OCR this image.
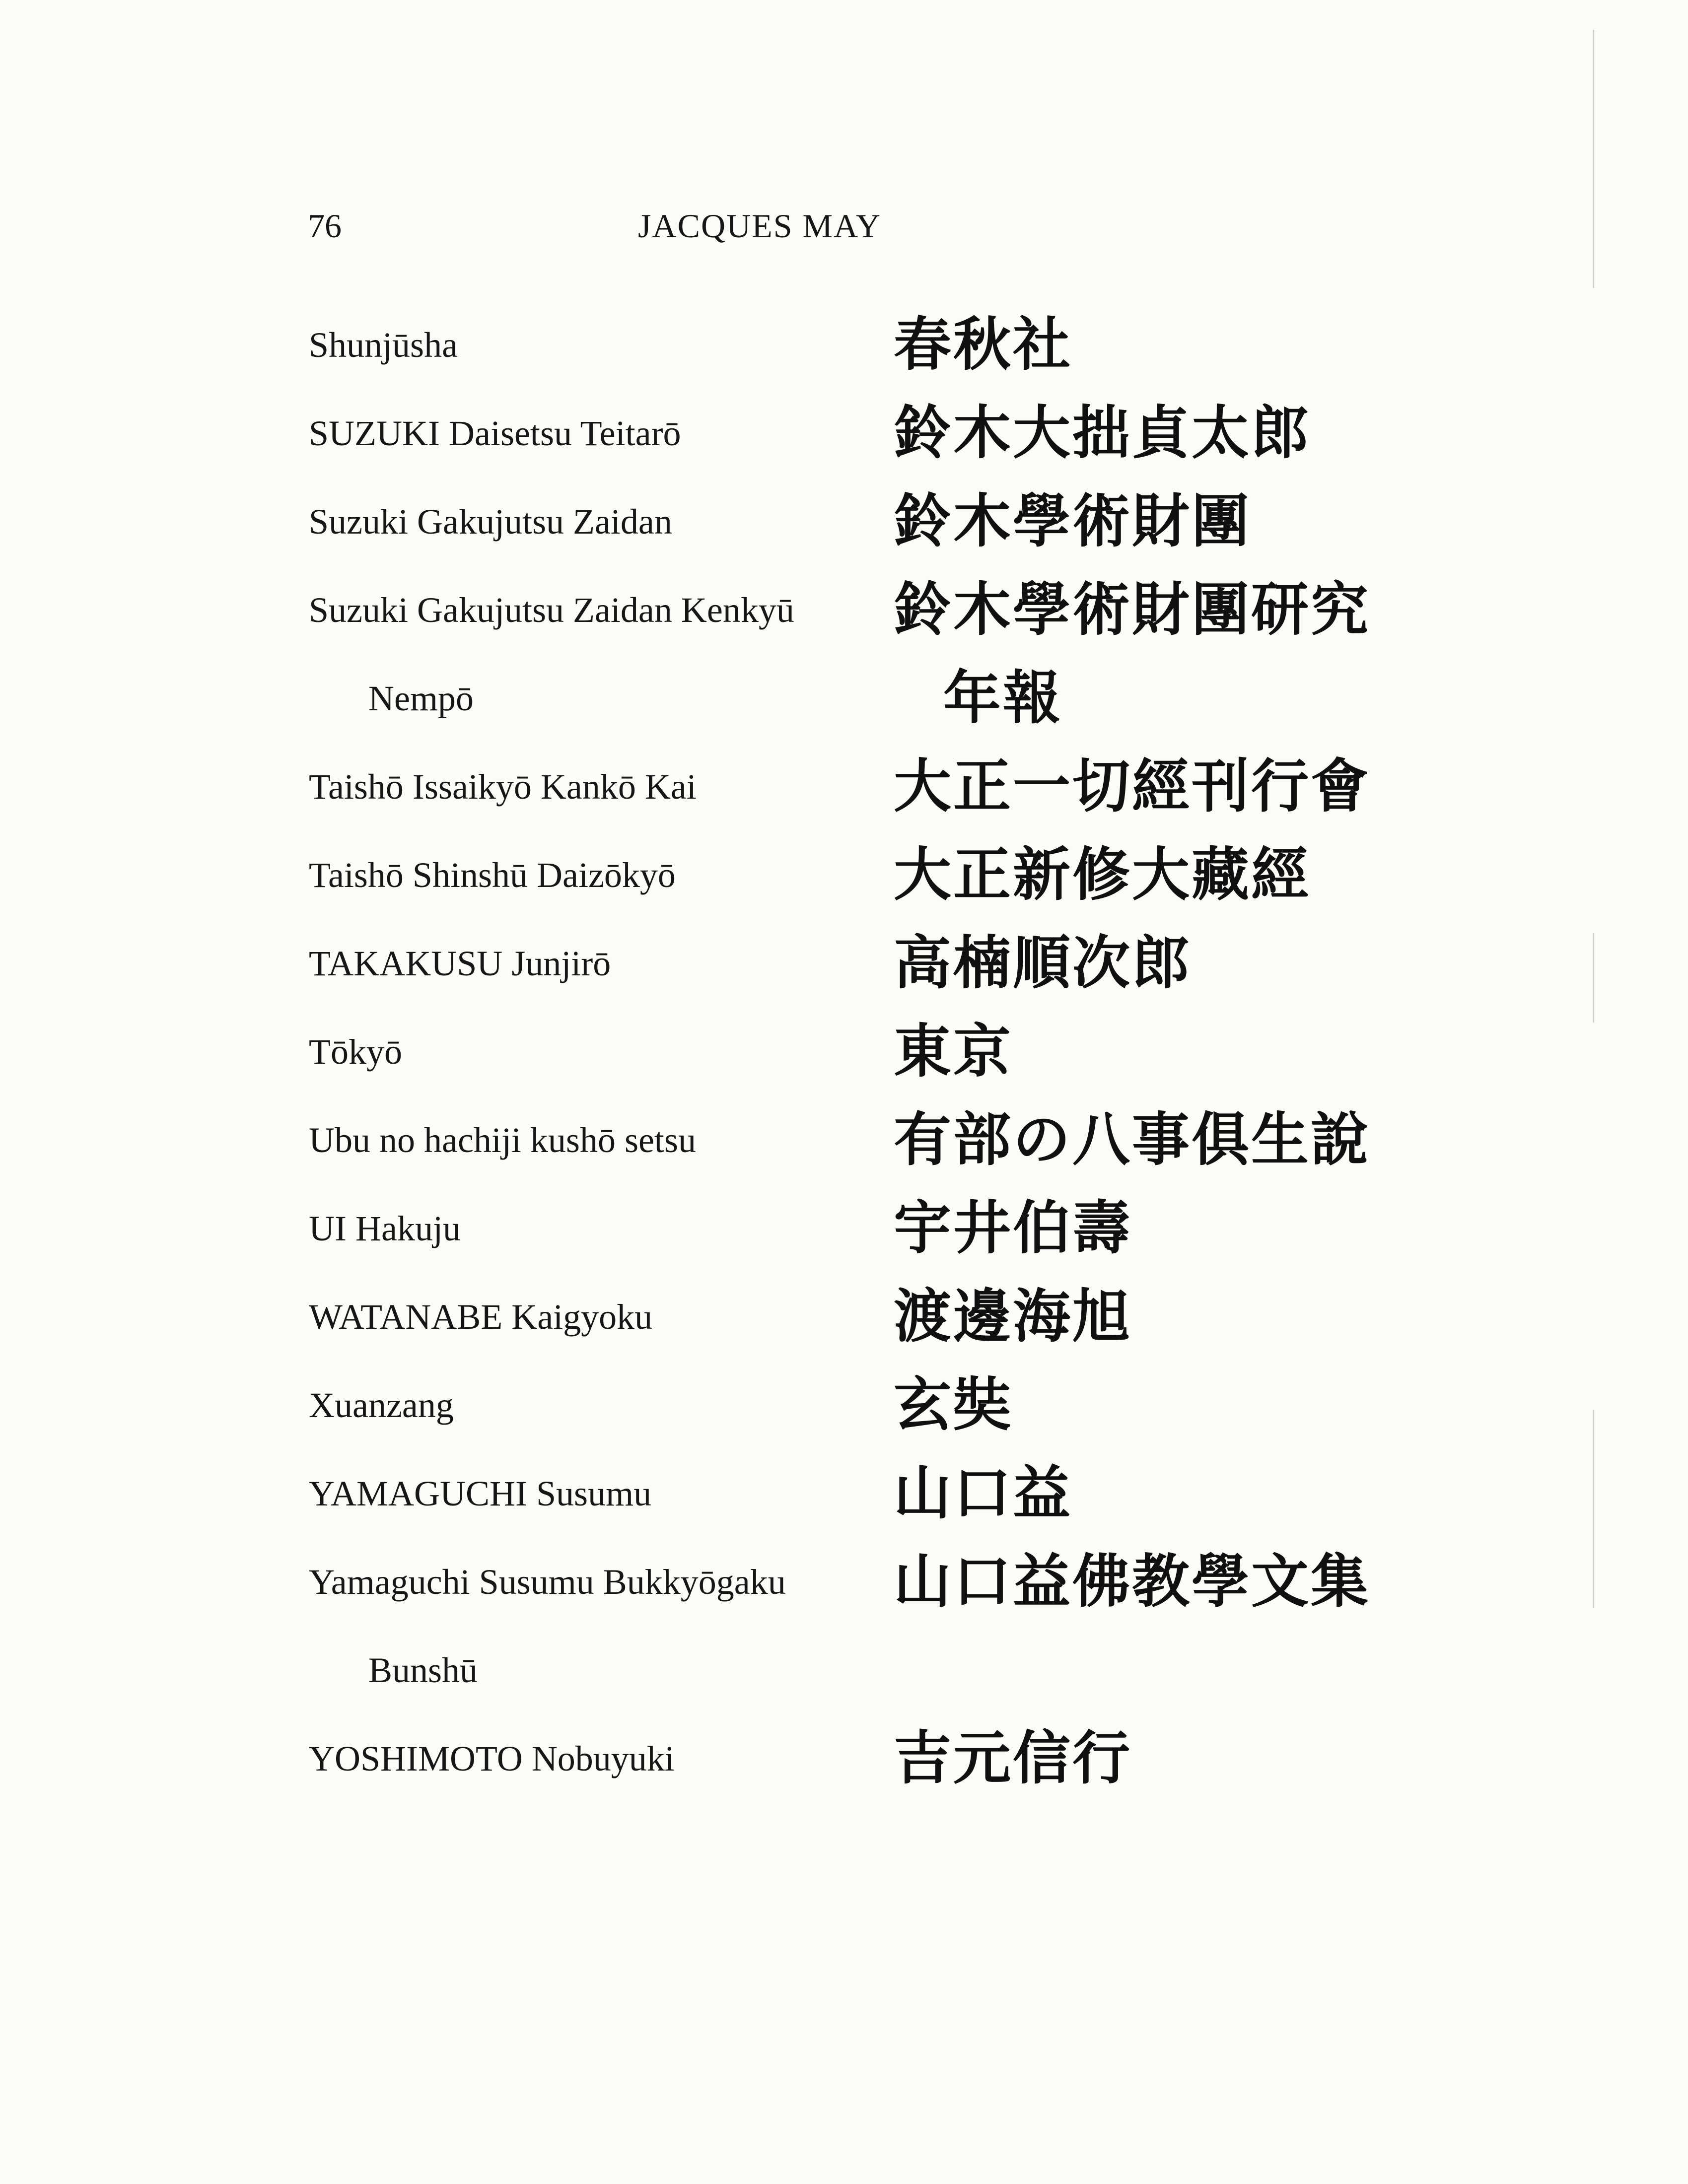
76	JACQUES MAY
Shunjūsha	春秋社
SUZUKI Daisetsu Teitarō	鈴木大拙貞太郎
Suzuki Gakujutsu Zaidan	鈴木學術財團
Suzuki Gakujutsu Zaidan Kenkyū 鈴木學術財團研究
Nempō	年報
Taishō Issaikyō Kankō Kai	大正一切經刊行會
Taishō Shinshū Daizōkyō	大正新修大藏經
TAKAKUSU Junjirō	高楠順次郎
Tōkyō	東京
Ubu no hachiji kushō setsu	有部の八事俱生說
UI Hakuju	宇井伯壽
WATANABE Kaigyoku	渡邊海旭
Xuanzang	玄奘
YAMAGUCHI Susumu	山口益
Yamaguchi Susumu Bukkyōgaku 山口益佛教學文集
Bunshū
YOSHIMOTO Nobuyuki	吉元信行
